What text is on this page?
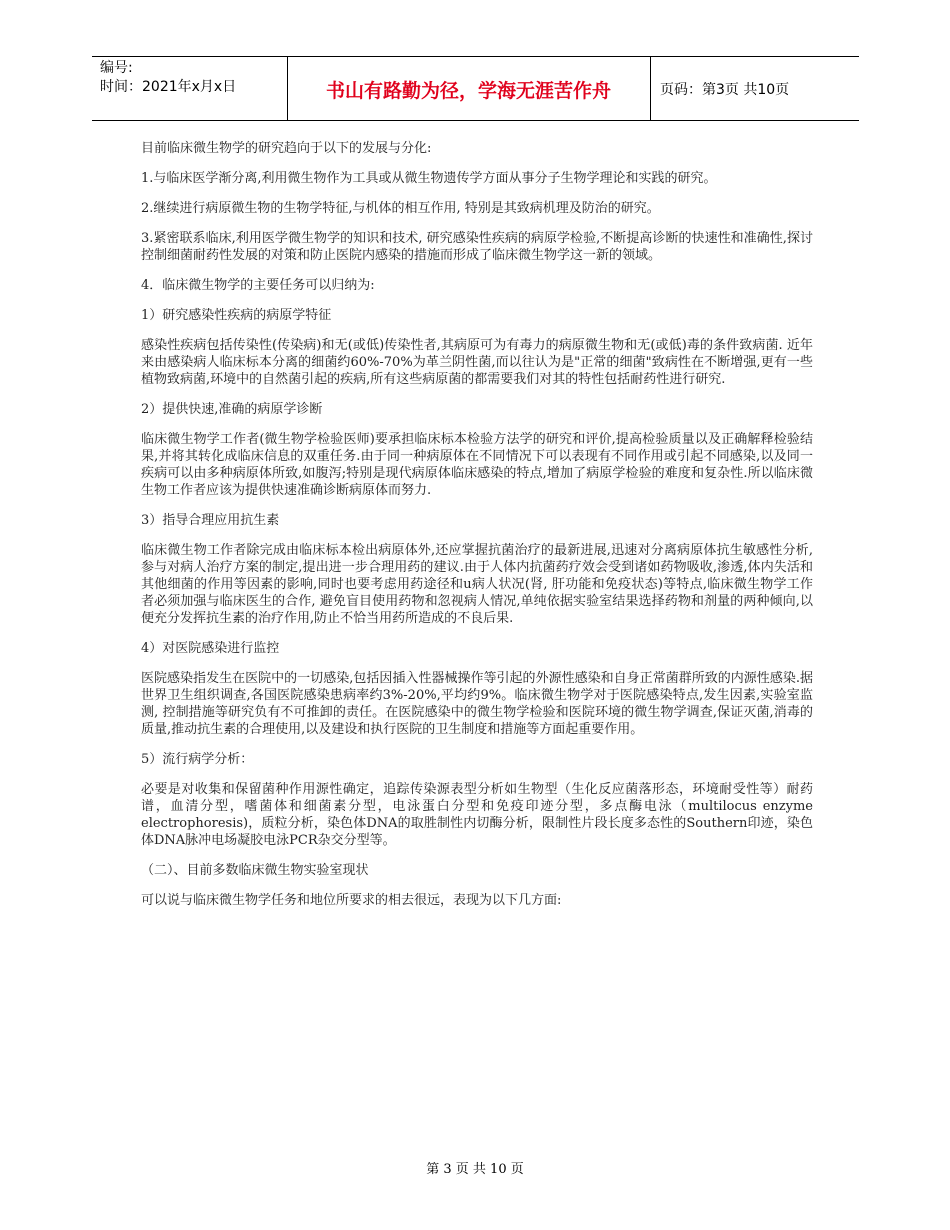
编号:
时间：2021年x月x日	书山有路勤为径，学海无涯苦作舟	页码：第3页 共10页

目前临床微生物学的研究趋向于以下的发展与分化:

1.与临床医学渐分离,利用微生物作为工具或从微生物遗传学方面从事分子生物学理论和实践的研究。

2.继续进行病原微生物的生物学特征,与机体的相互作用, 特别是其致病机理及防治的研究。

3.紧密联系临床,利用医学微生物学的知识和技术, 研究感染性疾病的病原学检验,不断提高诊断的快速性和准确性,探讨控制细菌耐药性发展的对策和防止医院内感染的措施而形成了临床微生物学这一新的领域。

4．临床微生物学的主要任务可以归纳为:

1）研究感染性疾病的病原学特征

感染性疾病包括传染性(传染病)和无(或低)传染性者,其病原可为有毒力的病原微生物和无(或低)毒的条件致病菌. 近年来由感染病人临床标本分离的细菌约60%-70%为革兰阴性菌,而以往认为是"正常的细菌"致病性在不断增强,更有一些植物致病菌,环境中的自然菌引起的疾病,所有这些病原菌的都需要我们对其的特性包括耐药性进行研究.

2）提供快速,准确的病原学诊断

临床微生物学工作者(微生物学检验医师)要承担临床标本检验方法学的研究和评价,提高检验质量以及正确解释检验结果,并将其转化成临床信息的双重任务.由于同一种病原体在不同情况下可以表现有不同作用或引起不同感染,以及同一疾病可以由多种病原体所致,如腹泻;特别是现代病原体临床感染的特点,增加了病原学检验的难度和复杂性.所以临床微生物工作者应该为提供快速准确诊断病原体而努力.

3）指导合理应用抗生素

临床微生物工作者除完成由临床标本检出病原体外,还应掌握抗菌治疗的最新进展,迅速对分离病原体抗生敏感性分析,参与对病人治疗方案的制定,提出进一步合理用药的建议.由于人体内抗菌药疗效会受到诸如药物吸收,渗透,体内失活和其他细菌的作用等因素的影响,同时也要考虑用药途径和u病人状况(肾, 肝功能和免疫状态)等特点,临床微生物学工作者必须加强与临床医生的合作, 避免盲目使用药物和忽视病人情况,单纯依据实验室结果选择药物和剂量的两种倾向,以便充分发挥抗生素的治疗作用,防止不恰当用药所造成的不良后果.

4）对医院感染进行监控

医院感染指发生在医院中的一切感染,包括因插入性器械操作等引起的外源性感染和自身正常菌群所致的内源性感染.据世界卫生组织调查,各国医院感染患病率约3%-20%,平均约9%。临床微生物学对于医院感染特点,发生因素,实验室监测, 控制措施等研究负有不可推卸的责任。在医院感染中的微生物学检验和医院环境的微生物学调查,保证灭菌,消毒的质量,推动抗生素的合理使用,以及建设和执行医院的卫生制度和措施等方面起重要作用。

5）流行病学分析：

必要是对收集和保留菌种作用源性确定，追踪传染源表型分析如生物型（生化反应菌落形态，环境耐受性等）耐药谱，血清分型，嗜菌体和细菌素分型，电泳蛋白分型和免疫印迹分型，多点酶电泳（multilocus enzyme electrophoresis)，质粒分析，染色体DNA的取胜制性内切酶分析，限制性片段长度多态性的Southern印迹，染色体DNA脉冲电场凝胶电泳PCR杂交分型等。

（二）、目前多数临床微生物实验室现状

可以说与临床微生物学任务和地位所要求的相去很远，表现为以下几方面:

第 3 页 共 10 页
